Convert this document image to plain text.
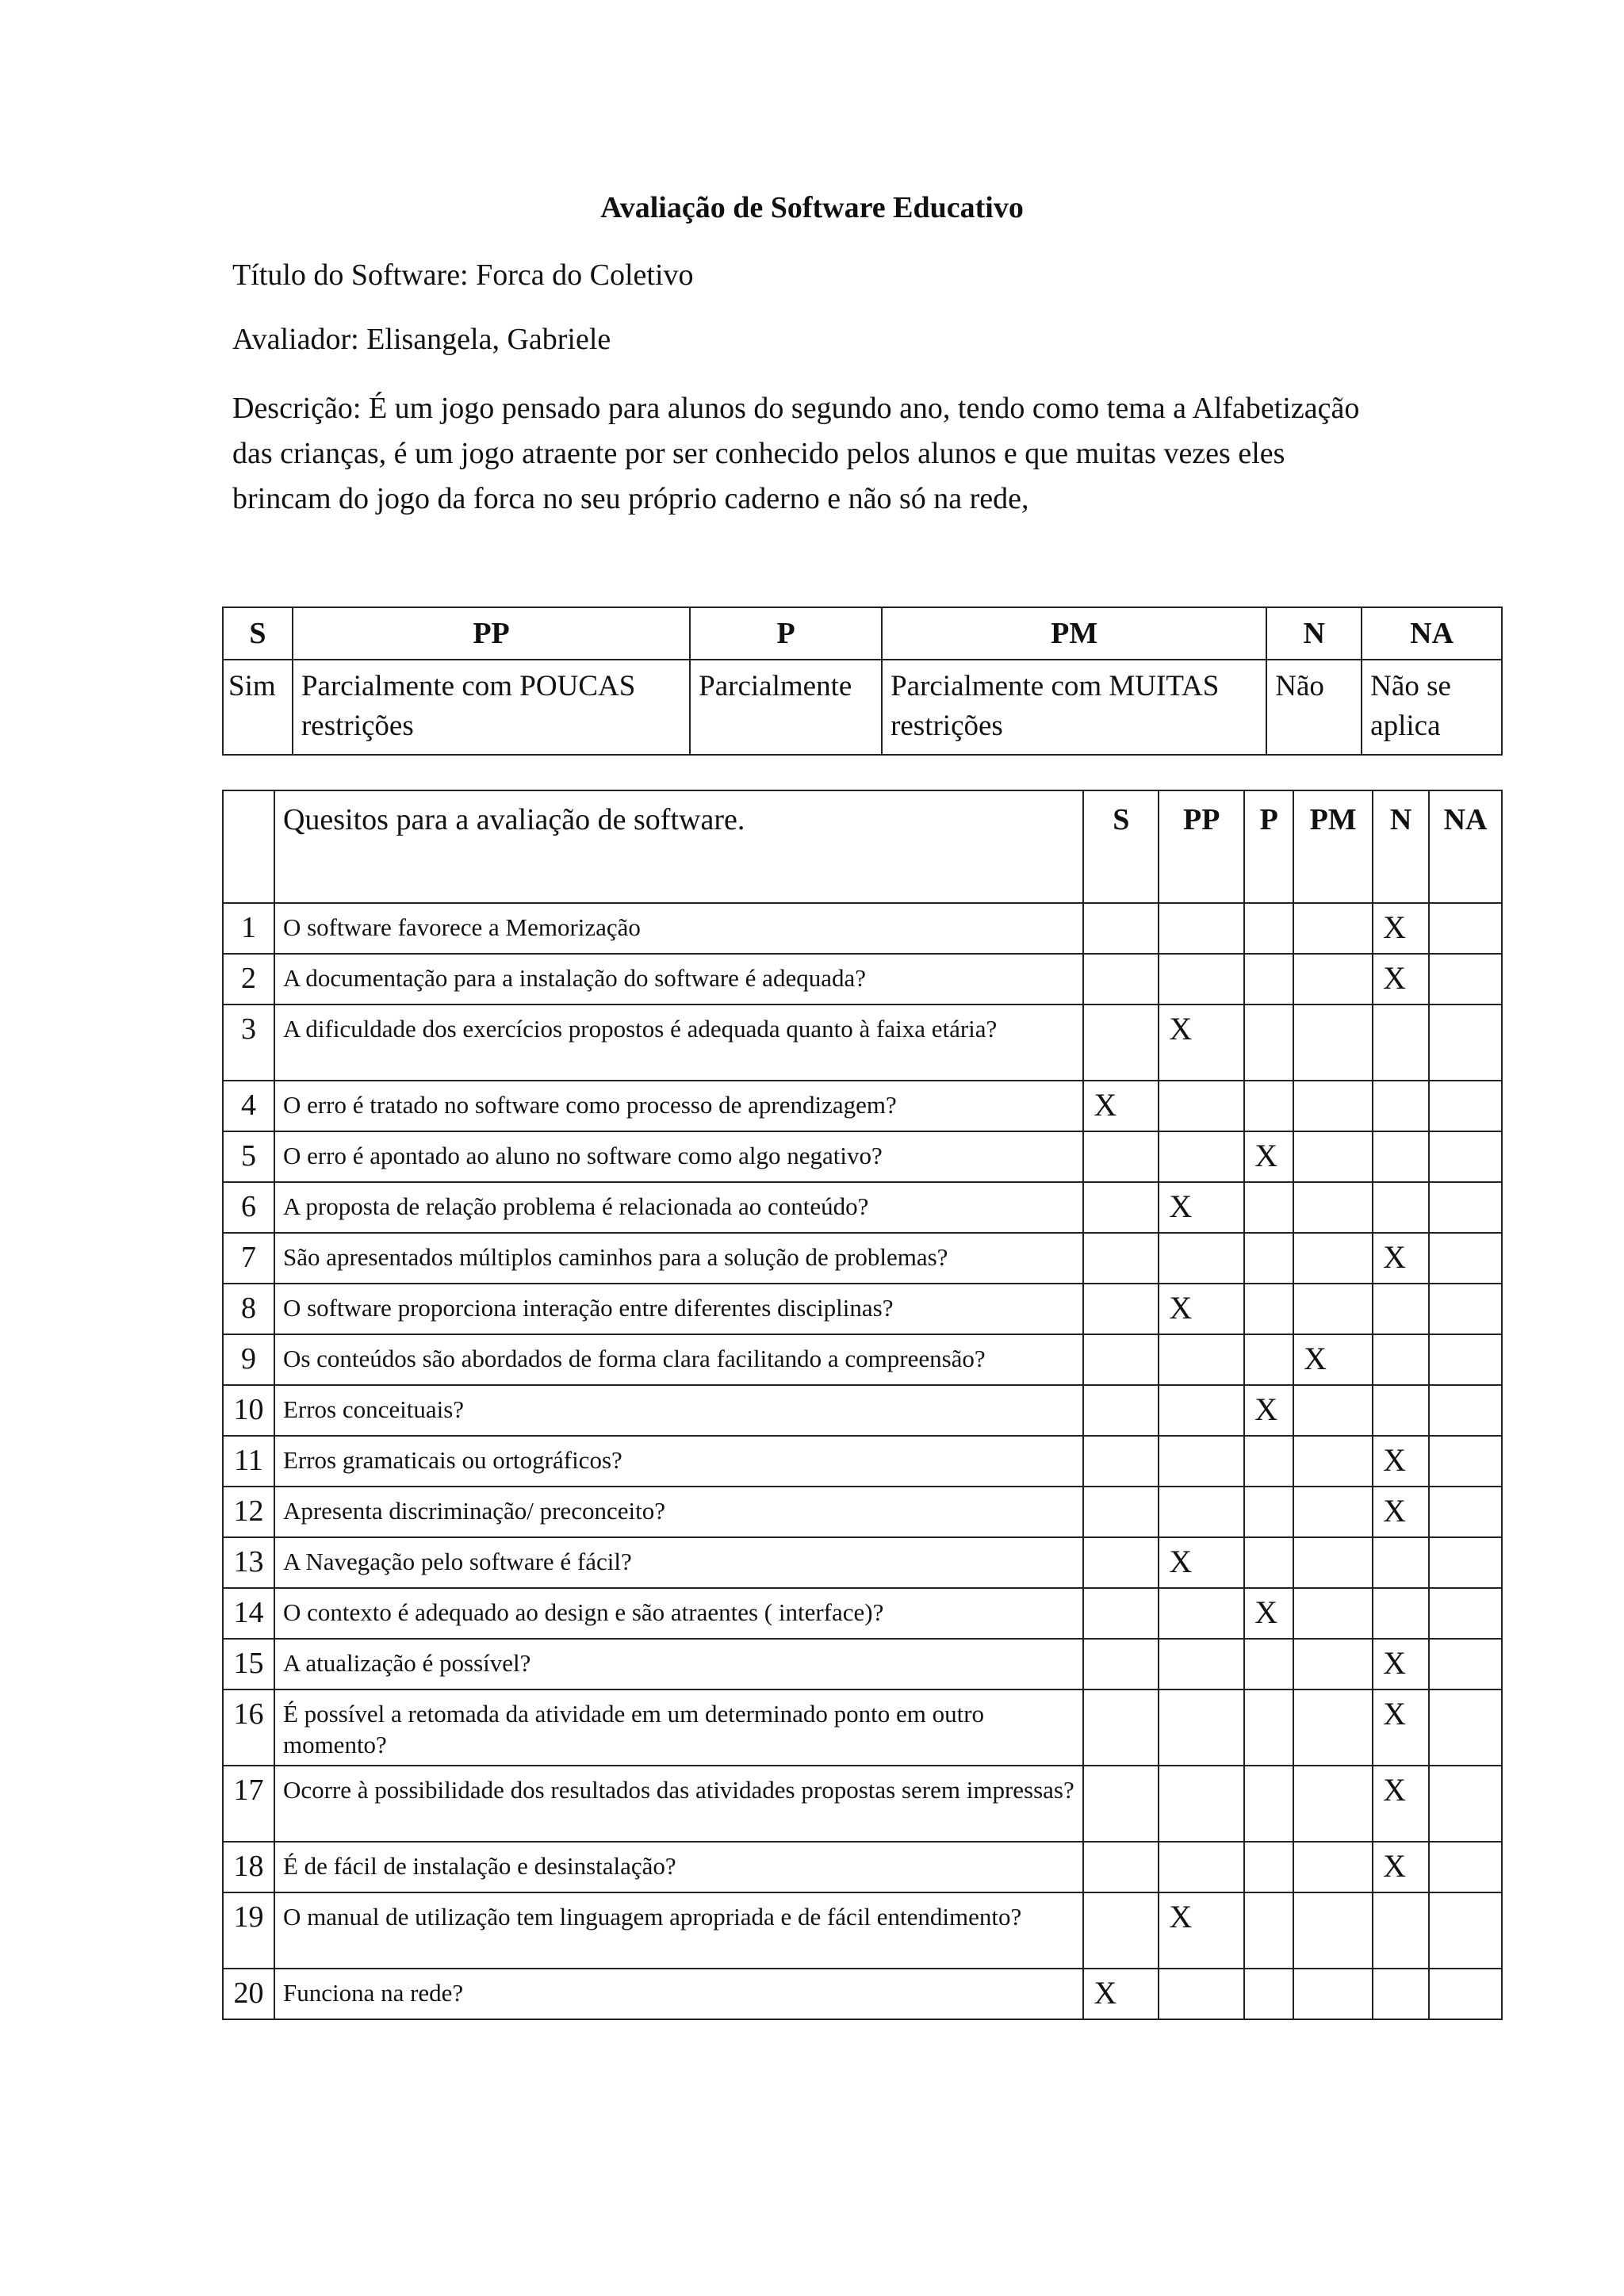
Avaliação de Software Educativo
Título do Software: Forca do Coletivo
Avaliador: Elisangela, Gabriele
Descrição: É um jogo pensado para alunos do segundo ano, tendo como tema a Alfabetização das crianças, é um jogo atraente por ser conhecido pelos alunos e que muitas vezes eles brincam do jogo da forca no seu próprio caderno e não só na rede,
S	PP	P	PM	N	NA
Sim	Parcialmente com POUCAS restrições	Parcialmente	Parcialmente com MUITAS restrições	Não	Não se aplica
	Quesitos para a avaliação de software.	S	PP	P	PM	N	NA
1	O software favorece a Memorização					X	
2	A documentação para a instalação do software é adequada?					X	
3	A dificuldade dos exercícios propostos é adequada quanto à faixa etária?		X				
4	O erro é tratado no software como processo de aprendizagem?	X					
5	O erro é apontado ao aluno no software como algo negativo?			X			
6	A proposta de relação problema é relacionada ao conteúdo?		X				
7	São apresentados múltiplos caminhos para a solução de problemas?					X	
8	O software proporciona interação entre diferentes disciplinas?		X				
9	Os conteúdos são abordados de forma clara facilitando a compreensão?				X		
10	Erros conceituais?			X			
11	Erros gramaticais ou ortográficos?					X	
12	Apresenta discriminação/ preconceito?					X	
13	A Navegação pelo software é fácil?		X				
14	O contexto é adequado ao design e são atraentes ( interface)?			X			
15	A atualização é possível?					X	
16	É possível a retomada da atividade em um determinado ponto em outro momento?					X	
17	Ocorre à possibilidade dos resultados das atividades propostas serem impressas?					X	
18	É de fácil de instalação e desinstalação?					X	
19	O manual de utilização tem linguagem apropriada e de fácil entendimento?		X				
20	Funciona na rede?	X					
